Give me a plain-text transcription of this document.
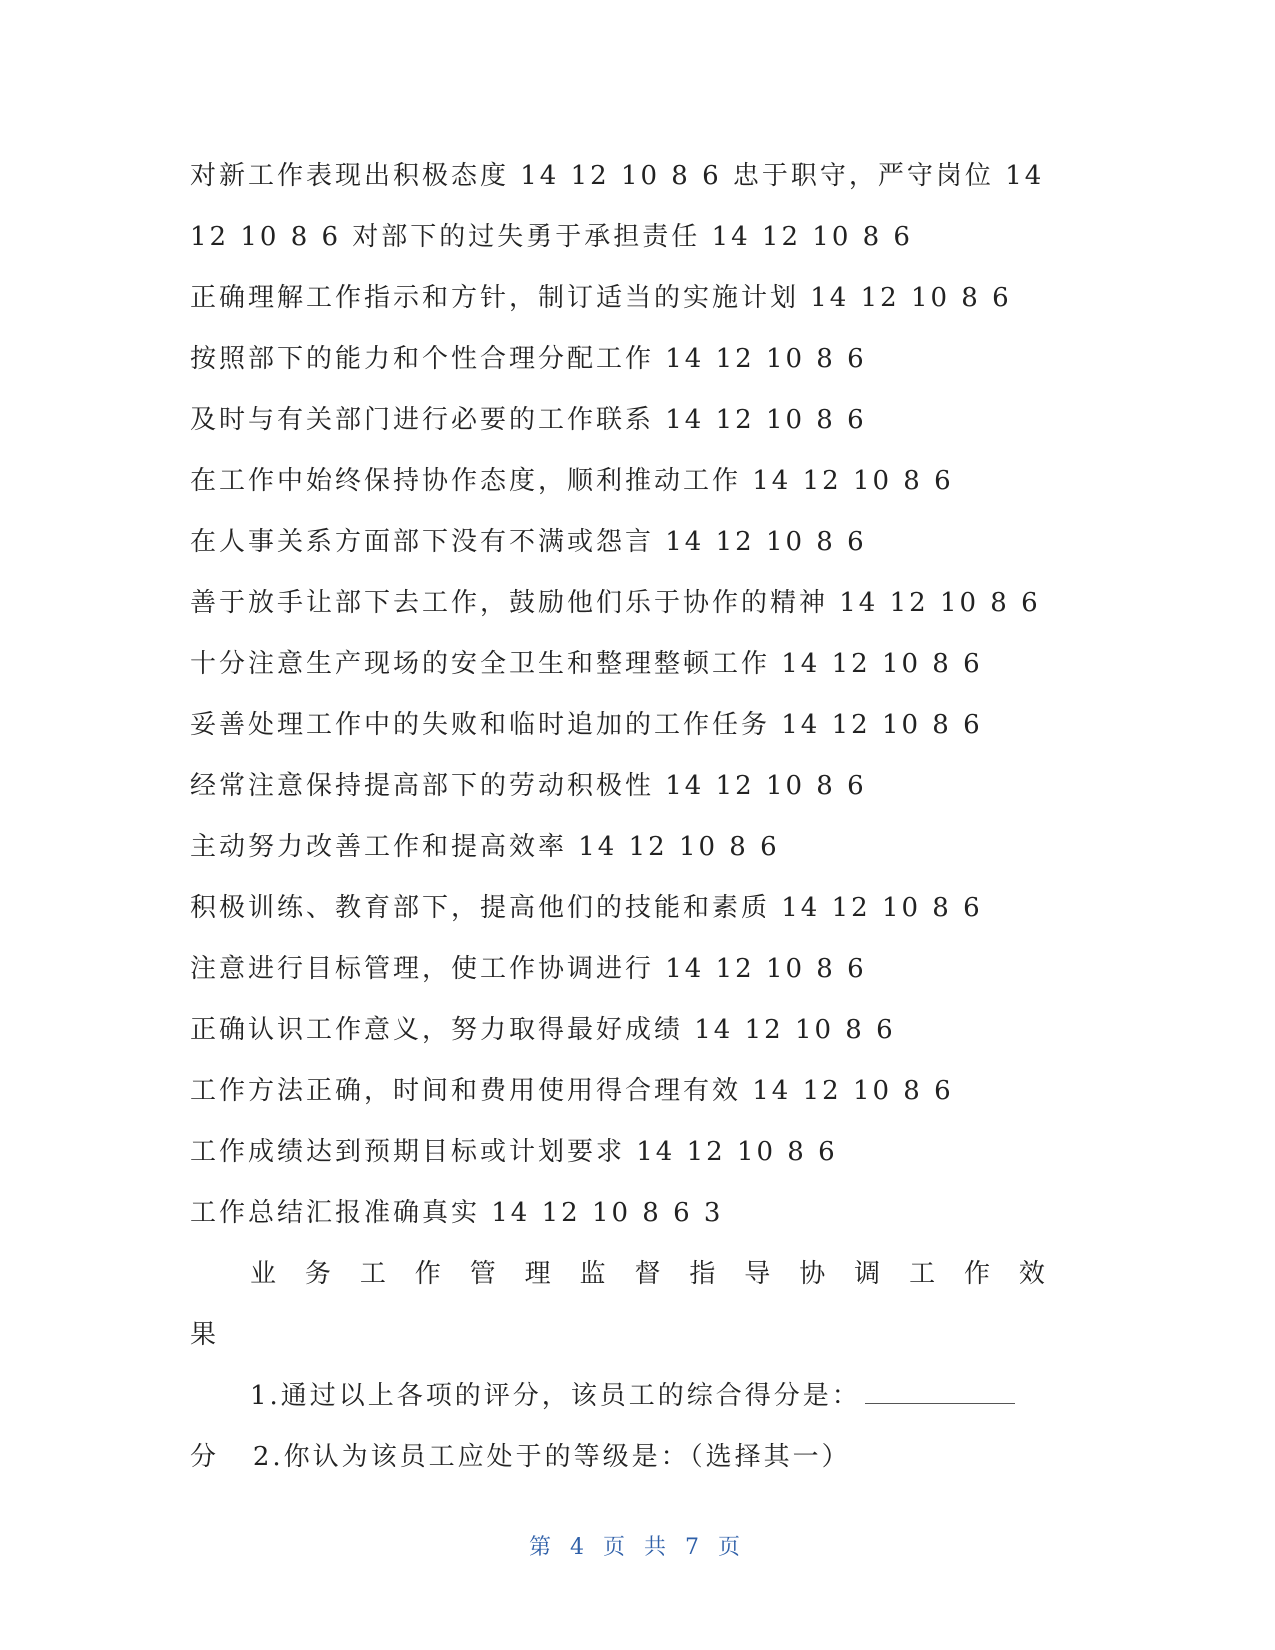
对新工作表现出积极态度 14 12 10 8 6 忠于职守，严守岗位 14
12 10 8 6 对部下的过失勇于承担责任 14 12 10 8 6
正确理解工作指示和方针，制订适当的实施计划 14 12 10 8 6
按照部下的能力和个性合理分配工作 14 12 10 8 6
及时与有关部门进行必要的工作联系 14 12 10 8 6
在工作中始终保持协作态度，顺利推动工作 14 12 10 8 6
在人事关系方面部下没有不满或怨言 14 12 10 8 6
善于放手让部下去工作，鼓励他们乐于协作的精神 14 12 10 8 6
十分注意生产现场的安全卫生和整理整顿工作 14 12 10 8 6
妥善处理工作中的失败和临时追加的工作任务 14 12 10 8 6
经常注意保持提高部下的劳动积极性 14 12 10 8 6
主动努力改善工作和提高效率 14 12 10 8 6
积极训练、教育部下，提高他们的技能和素质 14 12 10 8 6
注意进行目标管理，使工作协调进行 14 12 10 8 6
正确认识工作意义，努力取得最好成绩 14 12 10 8 6
工作方法正确，时间和费用使用得合理有效 14 12 10 8 6
工作成绩达到预期目标或计划要求 14 12 10 8 6
工作总结汇报准确真实 14 12 10 8 6 3
业 务 工 作 管 理 监 督 指 导 协 调 工 作 效
果
1.通过以上各项的评分，该员工的综合得分是：
分 2.你认为该员工应处于的等级是：（选择其一）
第 4 页 共 7 页
